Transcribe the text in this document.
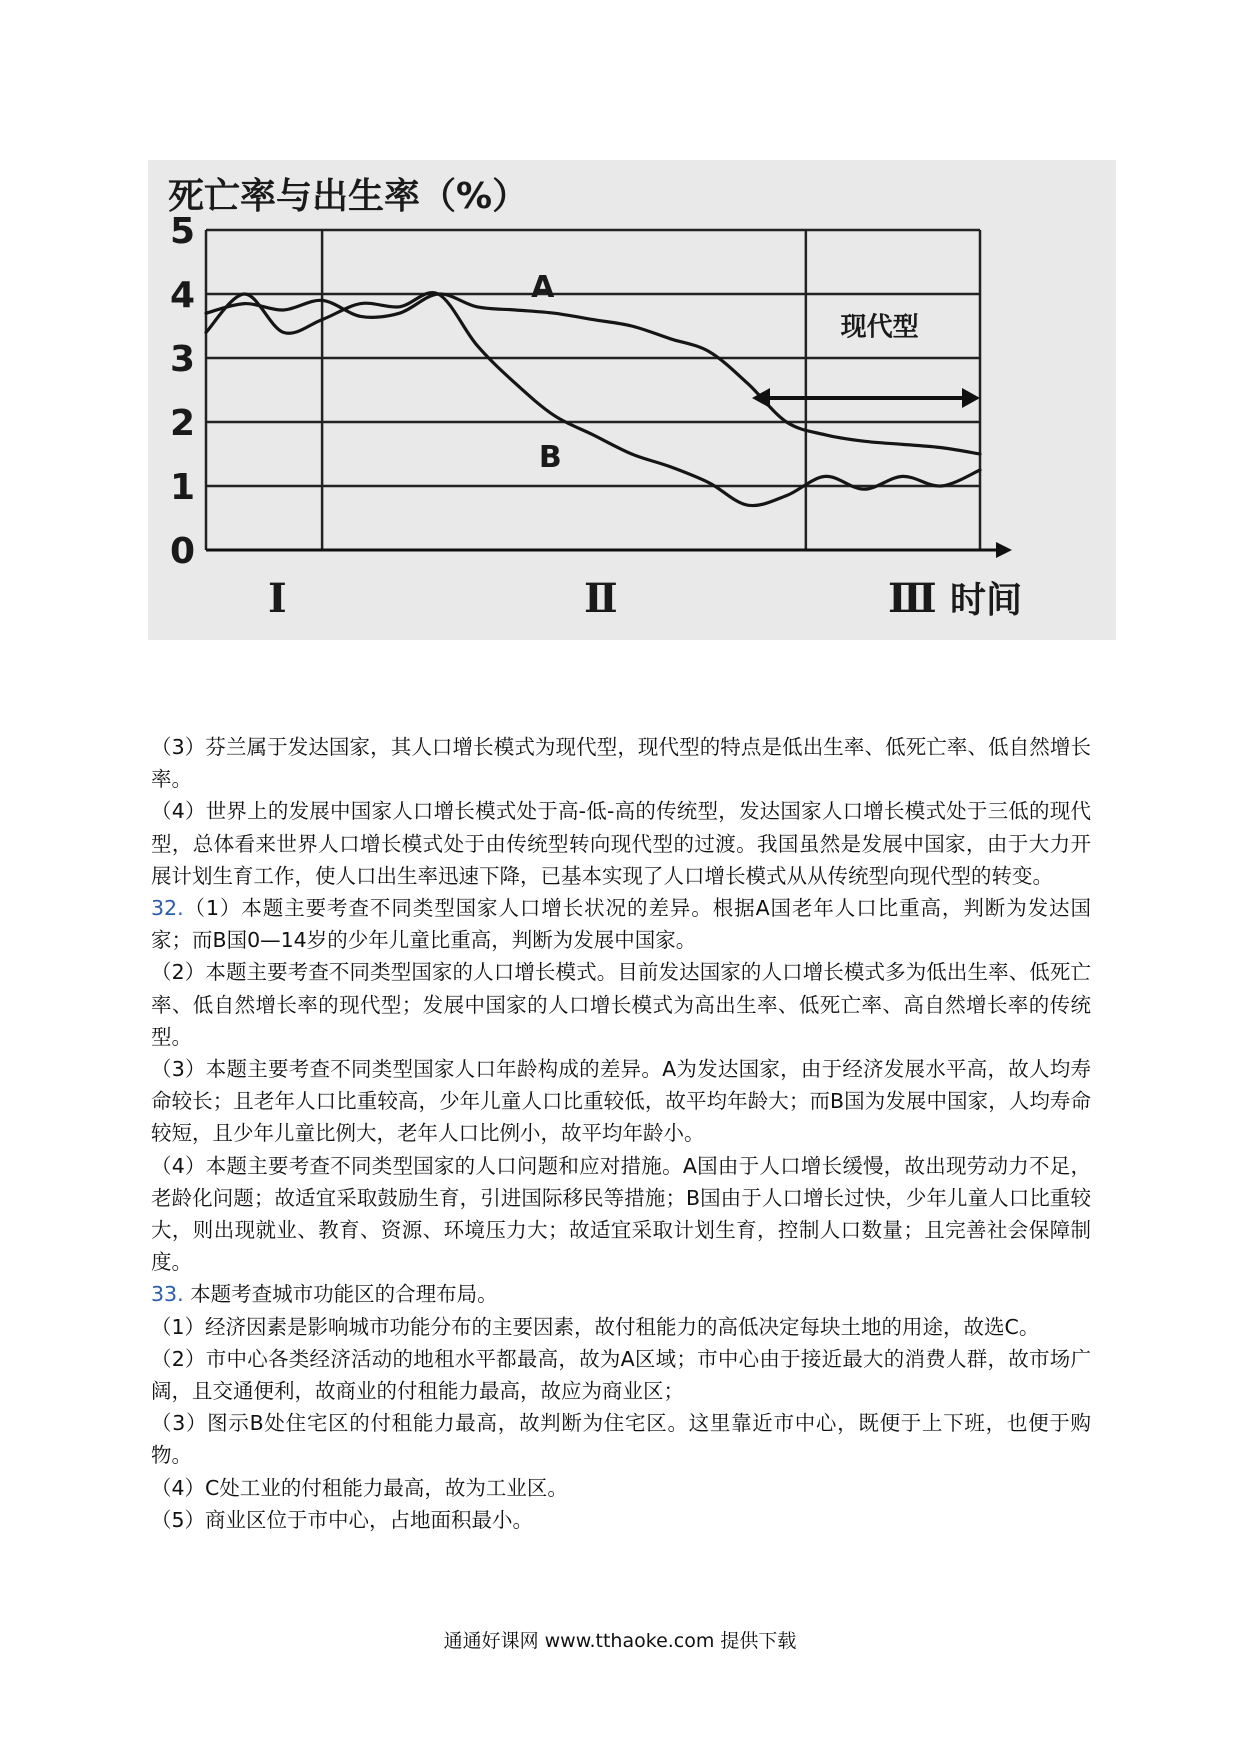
死亡率与出生率（%）
5
4
3
2
1
0
A
B
现代型
Ⅰ	Ⅱ	Ⅲ 时间

（3）芬兰属于发达国家，其人口增长模式为现代型，现代型的特点是低出生率、低死亡率、低自然增长率。

（4）世界上的发展中国家人口增长模式处于高-低-高的传统型，发达国家人口增长模式处于三低的现代型，总体看来世界人口增长模式处于由传统型转向现代型的过渡。我国虽然是发展中国家，由于大力开展计划生育工作，使人口出生率迅速下降，已基本实现了人口增长模式从从传统型向现代型的转变。

32.（1）本题主要考查不同类型国家人口增长状况的差异。根据A国老年人口比重高，判断为发达国家；而B国0—14岁的少年儿童比重高，判断为发展中国家。

（2）本题主要考查不同类型国家的人口增长模式。目前发达国家的人口增长模式多为低出生率、低死亡率、低自然增长率的现代型；发展中国家的人口增长模式为高出生率、低死亡率、高自然增长率的传统型。

（3）本题主要考查不同类型国家人口年龄构成的差异。A为发达国家，由于经济发展水平高，故人均寿命较长；且老年人口比重较高，少年儿童人口比重较低，故平均年龄大；而B国为发展中国家，人均寿命较短，且少年儿童比例大，老年人口比例小，故平均年龄小。

（4）本题主要考查不同类型国家的人口问题和应对措施。A国由于人口增长缓慢，故出现劳动力不足，老龄化问题；故适宜采取鼓励生育，引进国际移民等措施；B国由于人口增长过快，少年儿童人口比重较大，则出现就业、教育、资源、环境压力大；故适宜采取计划生育，控制人口数量；且完善社会保障制度。

33. 本题考查城市功能区的合理布局。

（1）经济因素是影响城市功能分布的主要因素，故付租能力的高低决定每块土地的用途，故选C。

（2）市中心各类经济活动的地租水平都最高，故为A区域；市中心由于接近最大的消费人群，故市场广阔，且交通便利，故商业的付租能力最高，故应为商业区；

（3）图示B处住宅区的付租能力最高，故判断为住宅区。这里靠近市中心，既便于上下班，也便于购物。

（4）C处工业的付租能力最高，故为工业区。

（5）商业区位于市中心，占地面积最小。

通通好课网 www.tthaoke.com 提供下载
